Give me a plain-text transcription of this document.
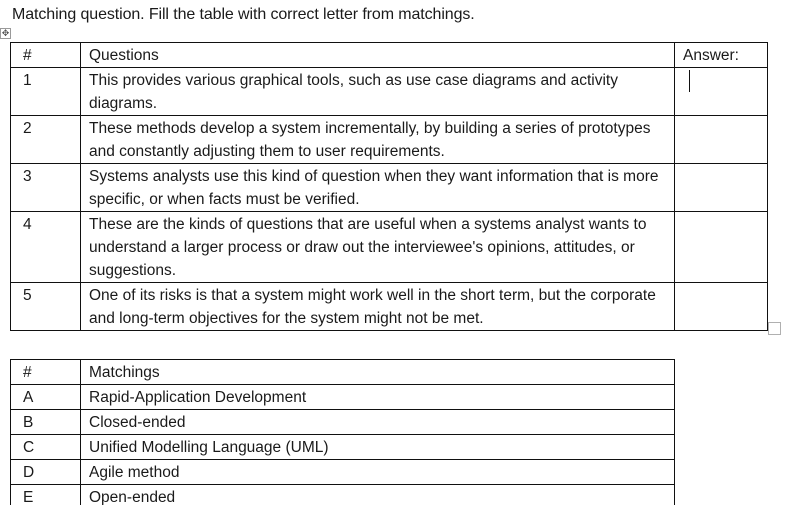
Matching question. Fill the table with correct letter from matchings.
✥
#	Questions	Answer:
1	This provides various graphical tools, such as use case diagrams and activity diagrams.	
2	These methods develop a system incrementally, by building a series of prototypes and constantly adjusting them to user requirements.	
3	Systems analysts use this kind of question when they want information that is more specific, or when facts must be verified.	
4	These are the kinds of questions that are useful when a systems analyst wants to understand a larger process or draw out the interviewee's opinions, attitudes, or suggestions.	
5	One of its risks is that a system might work well in the short term, but the corporate and long-term objectives for the system might not be met.	
#	Matchings
A	Rapid-Application Development
B	Closed-ended
C	Unified Modelling Language (UML)
D	Agile method
E	Open-ended
